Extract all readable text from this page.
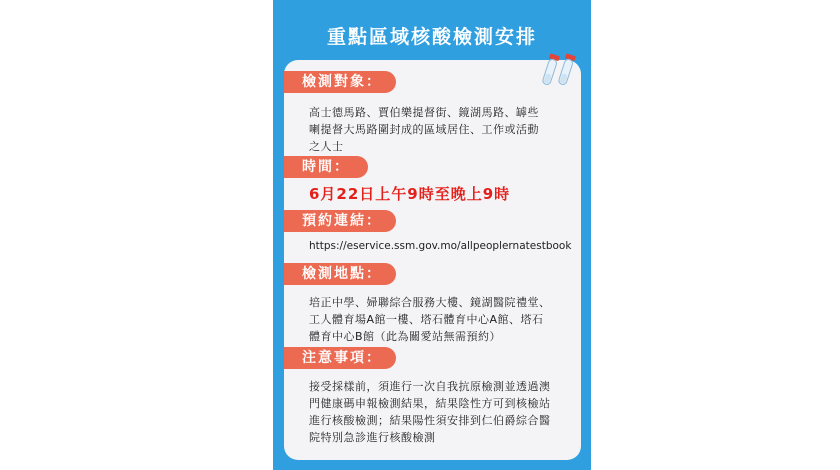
重點區域核酸檢測安排
檢測對象：
高士德馬路、賈伯樂提督街、鏡湖馬路、罅些
喇提督大馬路圍封成的區域居住、工作或活動
之人士
時間：
6月22日上午9時至晚上9時
預約連結：
https://eservice.ssm.gov.mo/allpeoplernatestbook
檢測地點：
培正中學、婦聯綜合服務大樓、鏡湖醫院禮堂、
工人體育場A館一樓、塔石體育中心A館、塔石
體育中心B館（此為關愛站無需預約）
注意事項：
接受採樣前，須進行一次自我抗原檢測並透過澳
門健康碼申報檢測結果，結果陰性方可到核檢站
進行核酸檢測；結果陽性須安排到仁伯爵綜合醫
院特別急診進行核酸檢測
